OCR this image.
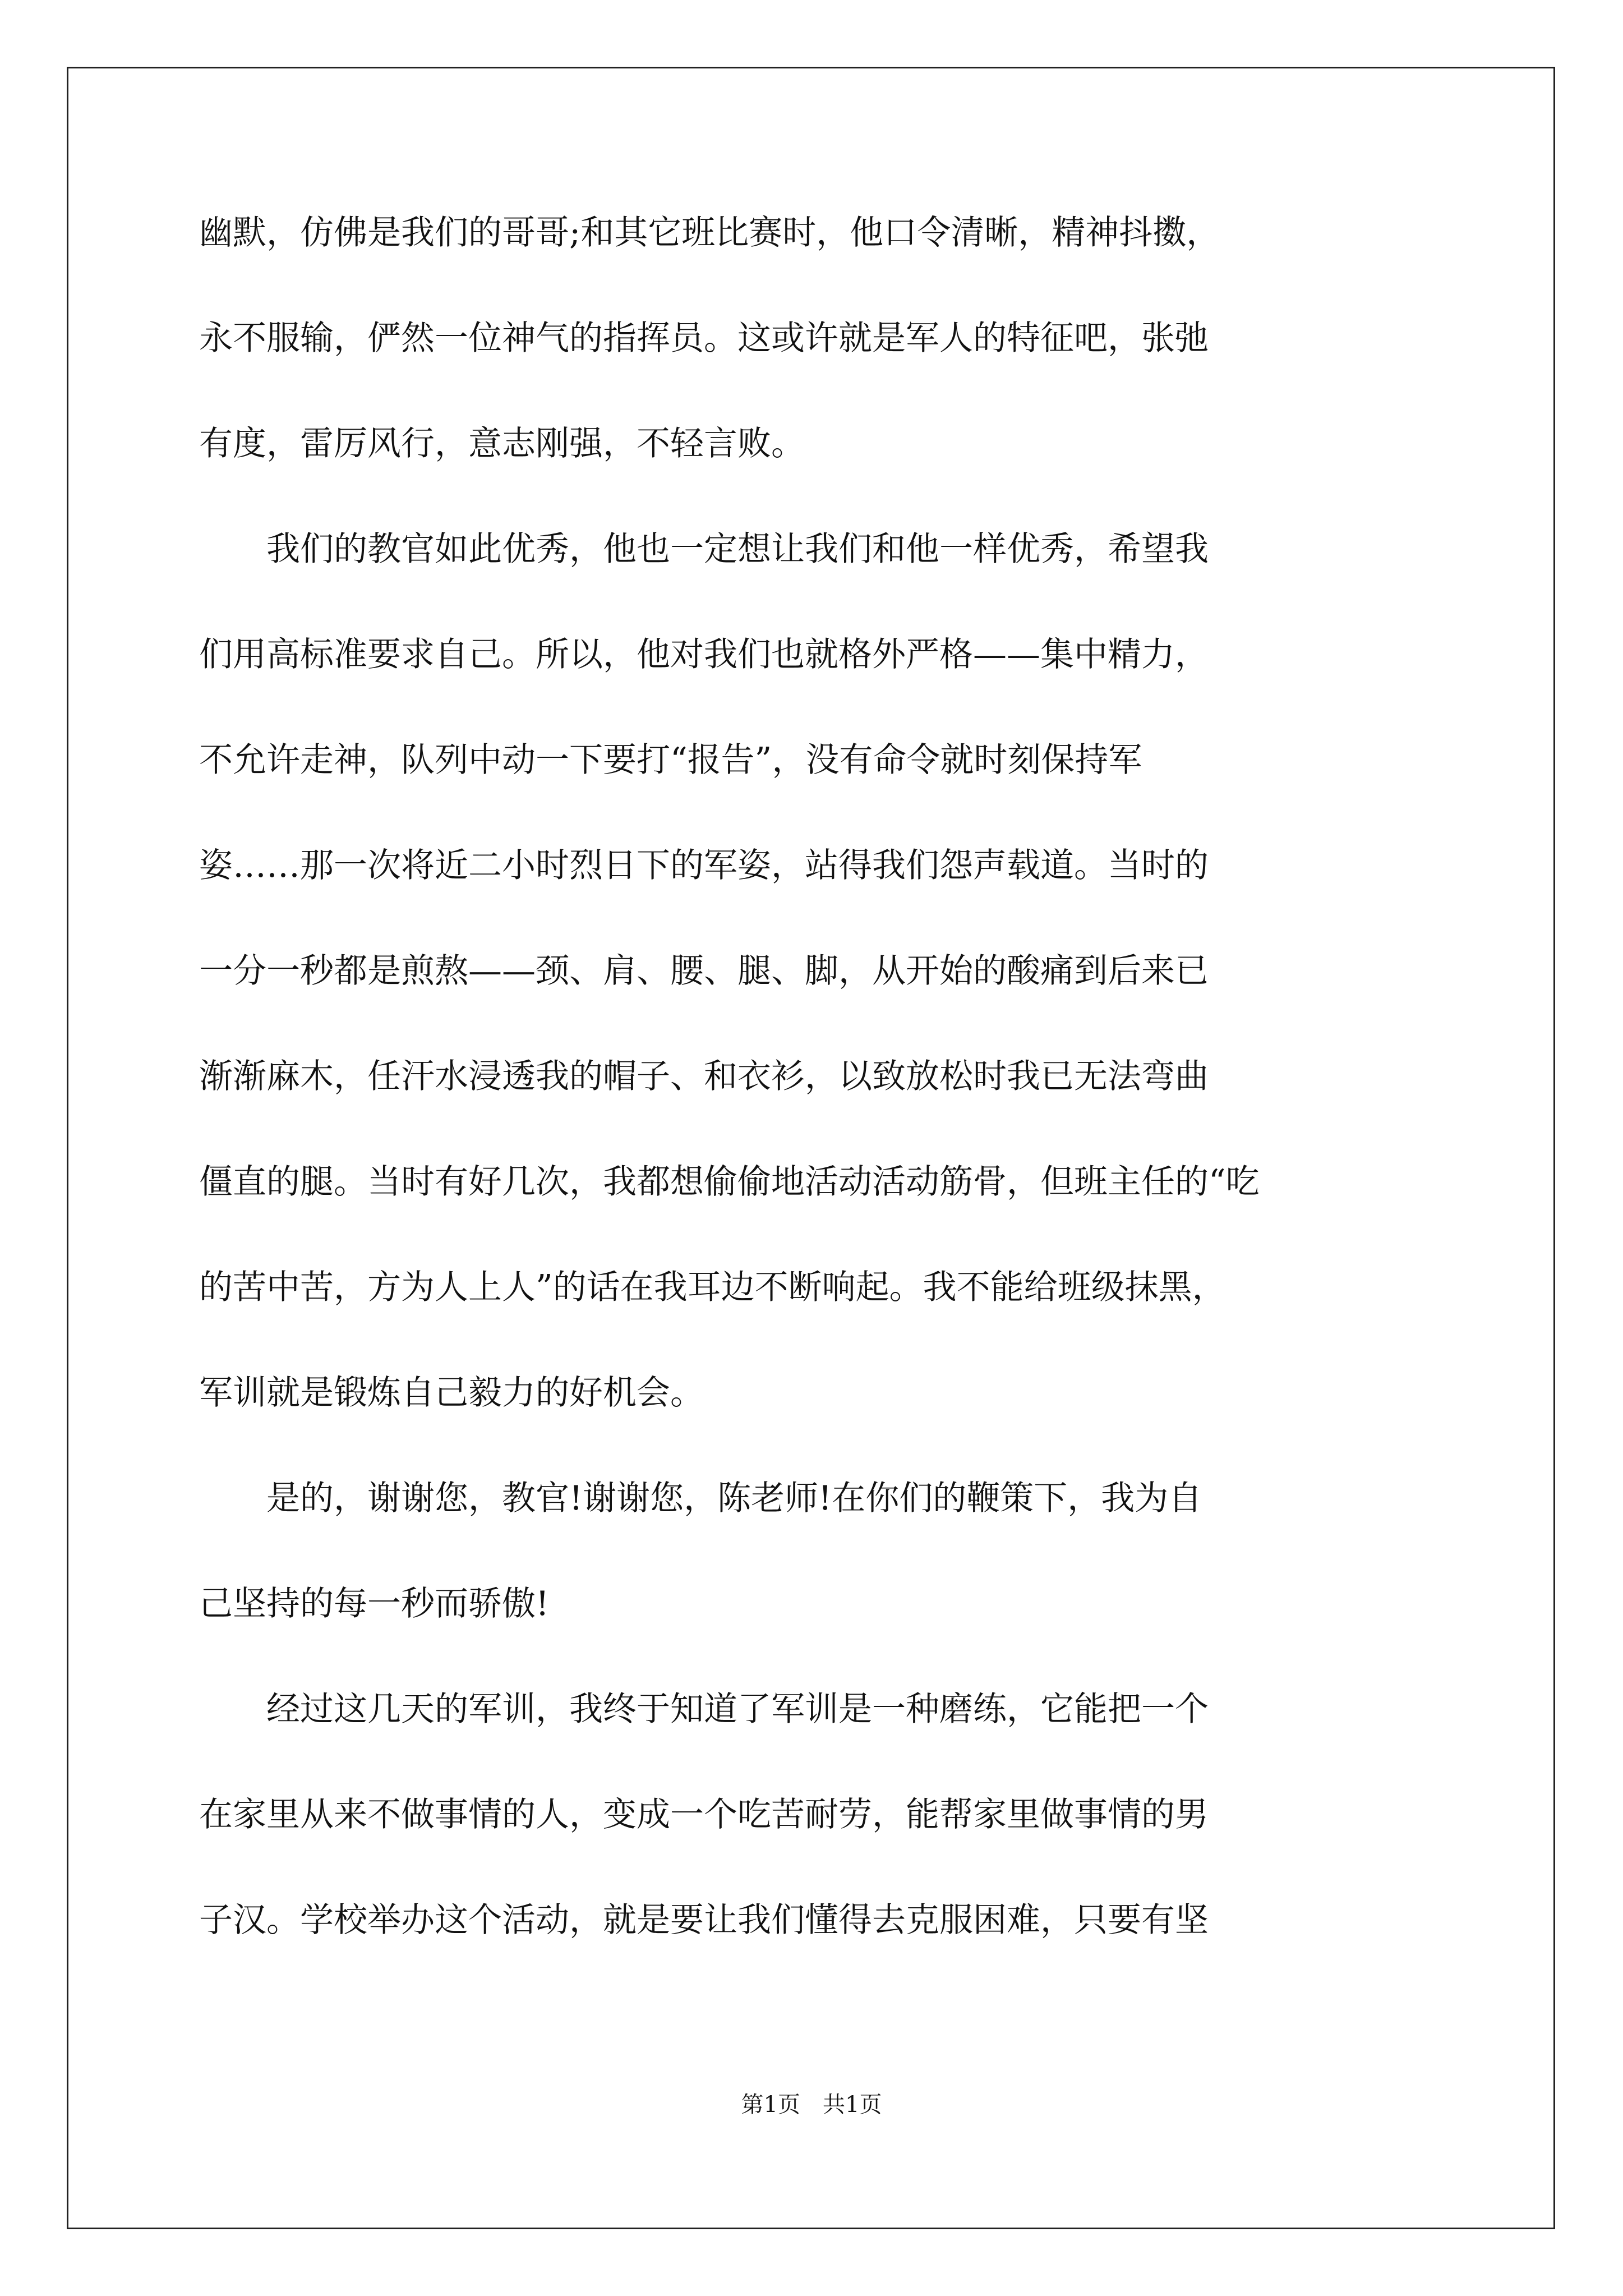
幽默，仿佛是我们的哥哥;和其它班比赛时，他口令清晰，精神抖擞，
永不服输，俨然一位神气的指挥员。这或许就是军人的特征吧，张弛
有度，雷厉风行，意志刚强，不轻言败。
　　我们的教官如此优秀，他也一定想让我们和他一样优秀，希望我
们用高标准要求自己。所以，他对我们也就格外严格——集中精力，
不允许走神，队列中动一下要打“报告”，没有命令就时刻保持军
姿……那一次将近二小时烈日下的军姿，站得我们怨声载道。当时的
一分一秒都是煎熬——颈、肩、腰、腿、脚，从开始的酸痛到后来已
渐渐麻木，任汗水浸透我的帽子、和衣衫，以致放松时我已无法弯曲
僵直的腿。当时有好几次，我都想偷偷地活动活动筋骨，但班主任的“吃
的苦中苦，方为人上人”的话在我耳边不断响起。我不能给班级抹黑，
军训就是锻炼自己毅力的好机会。
　　是的，谢谢您，教官!谢谢您，陈老师!在你们的鞭策下，我为自
己坚持的每一秒而骄傲!
　　经过这几天的军训，我终于知道了军训是一种磨练，它能把一个
在家里从来不做事情的人，变成一个吃苦耐劳，能帮家里做事情的男
子汉。学校举办这个活动，就是要让我们懂得去克服困难，只要有坚
第1页　共1页
